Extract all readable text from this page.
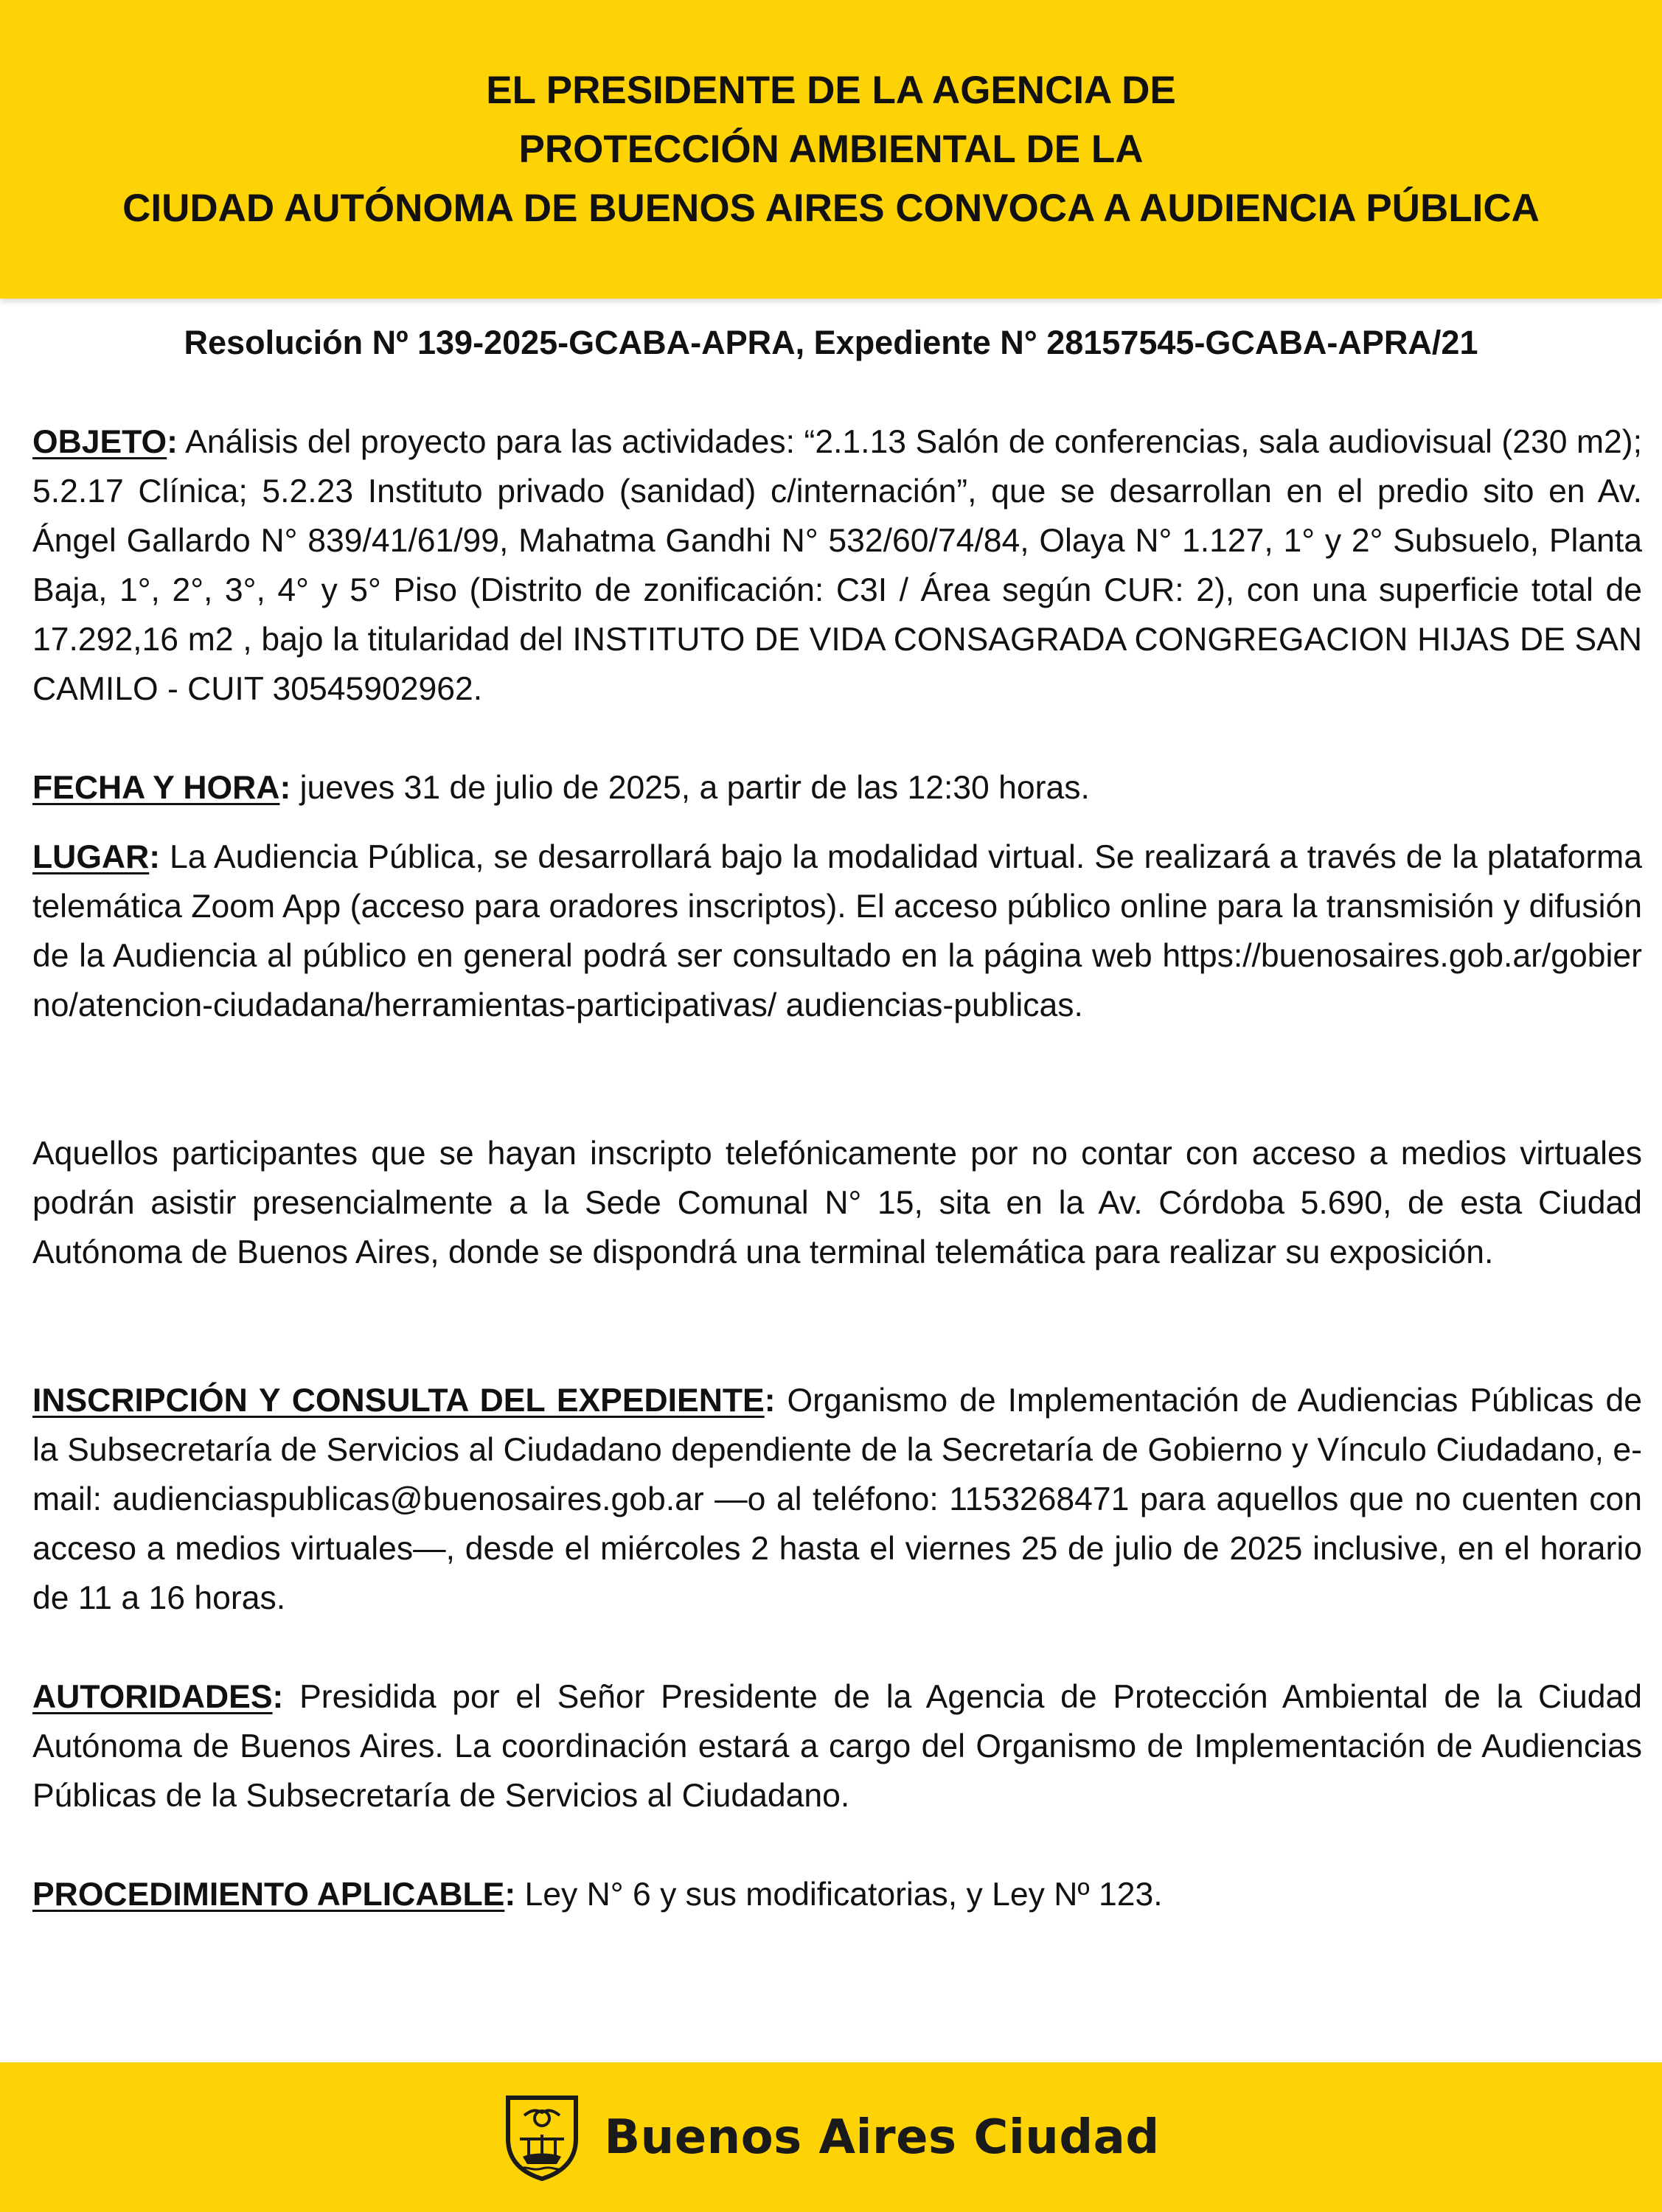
EL PRESIDENTE DE LA AGENCIA DE
PROTECCIÓN AMBIENTAL DE LA
CIUDAD AUTÓNOMA DE BUENOS AIRES CONVOCA A AUDIENCIA PÚBLICA
Resolución Nº 139-2025-GCABA-APRA, Expediente N° 28157545-GCABA-APRA/21

OBJETO: Análisis del proyecto para las actividades: “2.1.13 Salón de conferencias, sala audiovisual (230 m2); 5.2.17 Clínica; 5.2.23 Instituto privado (sanidad) c/internación”, que se desarrollan en el predio sito en Av. Ángel Gallardo N° 839/41/61/99, Mahatma Gandhi N° 532/60/74/84, Olaya N° 1.127, 1° y 2° Subsuelo, Planta Baja, 1°, 2°, 3°, 4° y 5° Piso (Distrito de zonificación: C3I / Área según CUR: 2), con una superficie total de 17.292,16 m2 , bajo la titularidad del INSTITUTO DE VIDA CONSAGRADA CONGREGACION HIJAS DE SAN CAMILO - CUIT 30545902962.

FECHA Y HORA: jueves 31 de julio de 2025, a partir de las 12:30 horas.

LUGAR: La Audiencia Pública, se desarrollará bajo la modalidad virtual. Se realizará a través de la plataforma telemática Zoom App (acceso para oradores inscriptos). El acceso público online para la transmisión y difusión de la Audiencia al público en general podrá ser consultado en la página web https://buenosaires.gob.ar/gobierno/atencion-ciudadana/herramientas-participativas/ audiencias-publicas.

Aquellos participantes que se hayan inscripto telefónicamente por no contar con acceso a medios virtuales podrán asistir presencialmente a la Sede Comunal N° 15, sita en la Av. Córdoba 5.690, de esta Ciudad Autónoma de Buenos Aires, donde se dispondrá una terminal telemática para realizar su exposición.

INSCRIPCIÓN Y CONSULTA DEL EXPEDIENTE: Organismo de Implementación de Audiencias Públicas de la Subsecretaría de Servicios al Ciudadano dependiente de la Secretaría de Gobierno y Vínculo Ciudadano, e-mail: audienciaspublicas@buenosaires.gob.ar —o al teléfono: 1153268471 para aquellos que no cuenten con acceso a medios virtuales—, desde el miércoles 2 hasta el viernes 25 de julio de 2025 inclusive, en el horario de 11 a 16 horas.

AUTORIDADES: Presidida por el Señor Presidente de la Agencia de Protección Ambiental de la Ciudad Autónoma de Buenos Aires. La coordinación estará a cargo del Organismo de Implementación de Audiencias Públicas de la Subsecretaría de Servicios al Ciudadano.

PROCEDIMIENTO APLICABLE: Ley N° 6 y sus modificatorias, y Ley Nº 123.

Buenos Aires Ciudad
